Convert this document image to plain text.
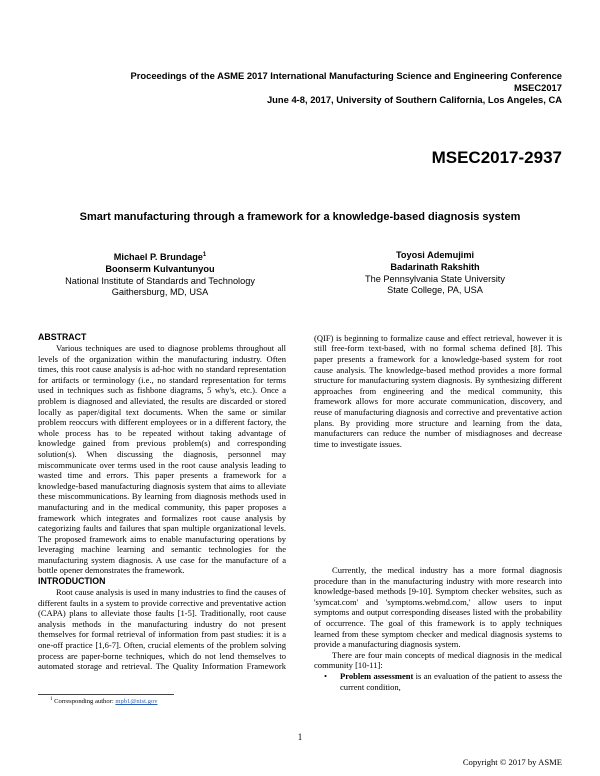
Proceedings of the ASME 2017 International Manufacturing Science and Engineering Conference
MSEC2017
June 4-8, 2017, University of Southern California, Los Angeles, CA
MSEC2017-2937
Smart manufacturing through a framework for a knowledge-based diagnosis system
Michael P. Brundage$^1$
Boonserm Kulvantunyou
National Institute of Standards and Technology
Gaithersburg, MD, USA
Toyosi Ademujimi
Badarinath Rakshith
The Pennsylvania State University
State College, PA, USA
ABSTRACT

Various techniques are used to diagnose problems throughout all levels of the organization within the manufacturing industry. Often times, this root cause analysis is ad-hoc with no standard representation for artifacts or terminology (i.e., no standard representation for terms used in techniques such as fishbone diagrams, 5 why's, etc.). Once a problem is diagnosed and alleviated, the results are discarded or stored locally as paper/digital text documents. When the same or similar problem reoccurs with different employees or in a different factory, the whole process has to be repeated without taking advantage of knowledge gained from previous problem(s) and corresponding solution(s). When discussing the diagnosis, personnel may miscommunicate over terms used in the root cause analysis leading to wasted time and errors. This paper presents a framework for a knowledge-based manufacturing diagnosis system that aims to alleviate these miscommunications. By learning from diagnosis methods used in manufacturing and in the medical community, this paper proposes a framework which integrates and formalizes root cause analysis by categorizing faults and failures that span multiple organizational levels. The proposed framework aims to enable manufacturing operations by leveraging machine learning and semantic technologies for the manufacturing system diagnosis. A use case for the manufacture of a bottle opener demonstrates the framework.

INTRODUCTION

Root cause analysis is used in many industries to find the causes of different faults in a system to provide corrective and preventative action (CAPA) plans to alleviate those faults [1-5]. Traditionally, root cause analysis methods in the manufacturing industry do not present themselves for formal retrieval of information from past studies: it is a one-off practice [1,6-7]. Often, crucial elements of the problem solving process are paper-borne techniques, which do not lend themselves to automated storage and retrieval. The Quality Information Framework

(QIF) is beginning to formalize cause and effect retrieval, however it is still free-form text-based, with no formal schema defined [8]. This paper presents a framework for a knowledge-based system for root cause analysis. The knowledge-based method provides a more formal structure for manufacturing system diagnosis. By synthesizing different approaches from engineering and the medical community, this framework allows for more accurate communication, discovery, and reuse of manufacturing diagnosis and corrective and preventative action plans. By providing more structure and learning from the data, manufacturers can reduce the number of misdiagnoses and decrease time to investigate issues.

Currently, the medical industry has a more formal diagnosis procedure than in the manufacturing industry with more research into knowledge-based methods [9-10]. Symptom checker websites, such as 'symcat.com' and 'symptoms.webmd.com,' allow users to input symptoms and output corresponding diseases listed with the probability of occurrence. The goal of this framework is to apply techniques learned from these symptom checker and medical diagnosis systems to provide a manufacturing diagnosis system.

There are four main concepts of medical diagnosis in the medical community [10-11]:

• Problem assessment is an evaluation of the patient to assess the current condition,
$^1$ Corresponding author: mpb1@nist.gov
1
Copyright © 2017 by ASME
